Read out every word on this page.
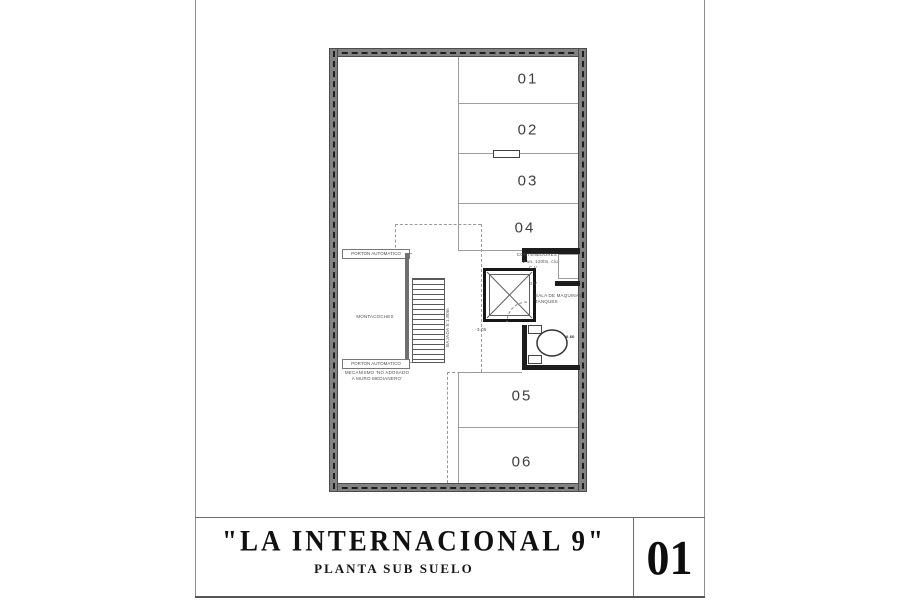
01
02
03
04
05
06
PORTON AUTOMATICO
MONTACOCHES
PORTON AUTOMATICO
MECANISMO 'NO ADOSADO
A MURO MEDIANERO'
BAJADA h:1.80m
CONTENEDORES
2 un. 120lts. c/u.
C.V
D.V
SALA DE MAQUINAS
TANQUES
-3.05
0.60
"LA INTERNACIONAL 9"
PLANTA SUB SUELO	01
